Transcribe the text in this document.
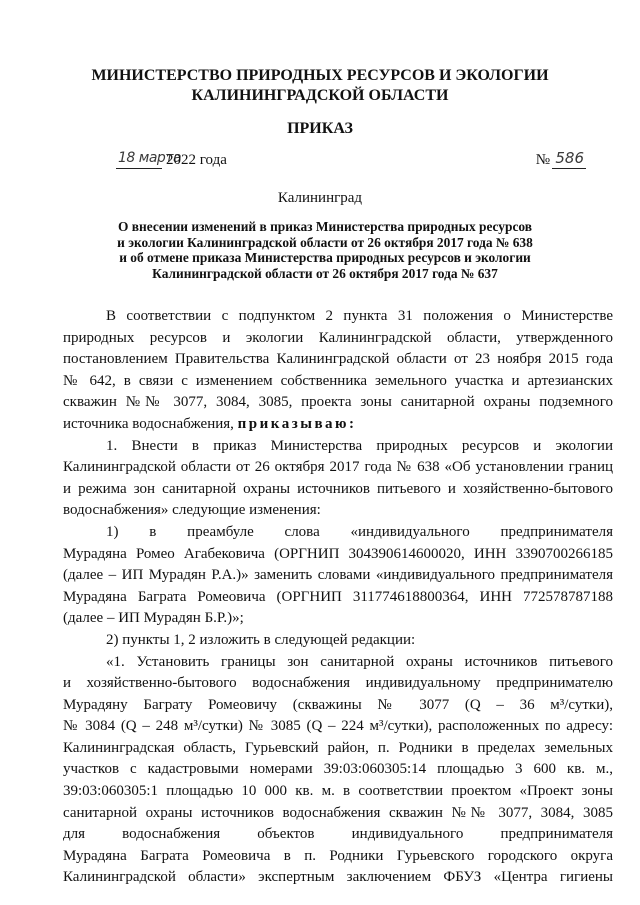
МИНИСТЕРСТВО ПРИРОДНЫХ РЕСУРСОВ И ЭКОЛОГИИ
КАЛИНИНГРАДСКОЙ ОБЛАСТИ
ПРИКАЗ
18 марта
2022 года	№ 586
Калининград
О внесении изменений в приказ Министерства природных ресурсов
и экологии Калининградской области от 26 октября 2017 года № 638
и об отмене приказа Министерства природных ресурсов и экологии
Калининградской области от 26 октября 2017 года № 637
В соответствии с подпунктом 2 пункта 31 положения о Министерстве
природных ресурсов и экологии Калининградской области, утвержденного
постановлением Правительства Калининградской области от 23 ноября 2015 года
№ 642, в связи с изменением собственника земельного участка и артезианских
скважин №№ 3077, 3084, 3085, проекта зоны санитарной охраны подземного
источника водоснабжения, приказываю:
1. Внести в приказ Министерства природных ресурсов и экологии
Калининградской области от 26 октября 2017 года № 638 «Об установлении границ
и режима зон санитарной охраны источников питьевого и хозяйственно-бытового
водоснабжения» следующие изменения:
1) в преамбуле слова «индивидуального предпринимателя
Мурадяна Ромео Агабековича (ОРГНИП 304390614600020, ИНН 3390700266185
(далее – ИП Мурадян Р.А.)» заменить словами «индивидуального предпринимателя
Мурадяна Баграта Ромеовича (ОРГНИП 311774618800364, ИНН 772578787188
(далее – ИП Мурадян Б.Р.)»;
2) пункты 1, 2 изложить в следующей редакции:
«1. Установить границы зон санитарной охраны источников питьевого
и хозяйственно-бытового водоснабжения индивидуальному предпринимателю
Мурадяну Баграту Ромеовичу (скважины № 3077 (Q – 36 м³/сутки),
№ 3084 (Q – 248 м³/сутки) № 3085 (Q – 224 м³/сутки), расположенных по адресу:
Калининградская область, Гурьевский район, п. Родники в пределах земельных
участков с кадастровыми номерами 39:03:060305:14 площадью 3 600 кв. м.,
39:03:060305:1 площадью 10 000 кв. м. в соответствии проектом «Проект зоны
санитарной охраны источников водоснабжения скважин №№ 3077, 3084, 3085
для водоснабжения объектов индивидуального предпринимателя
Мурадяна Баграта Ромеовича в п. Родники Гурьевского городского округа
Калининградской области» экспертным заключением ФБУЗ «Центра гигиены
